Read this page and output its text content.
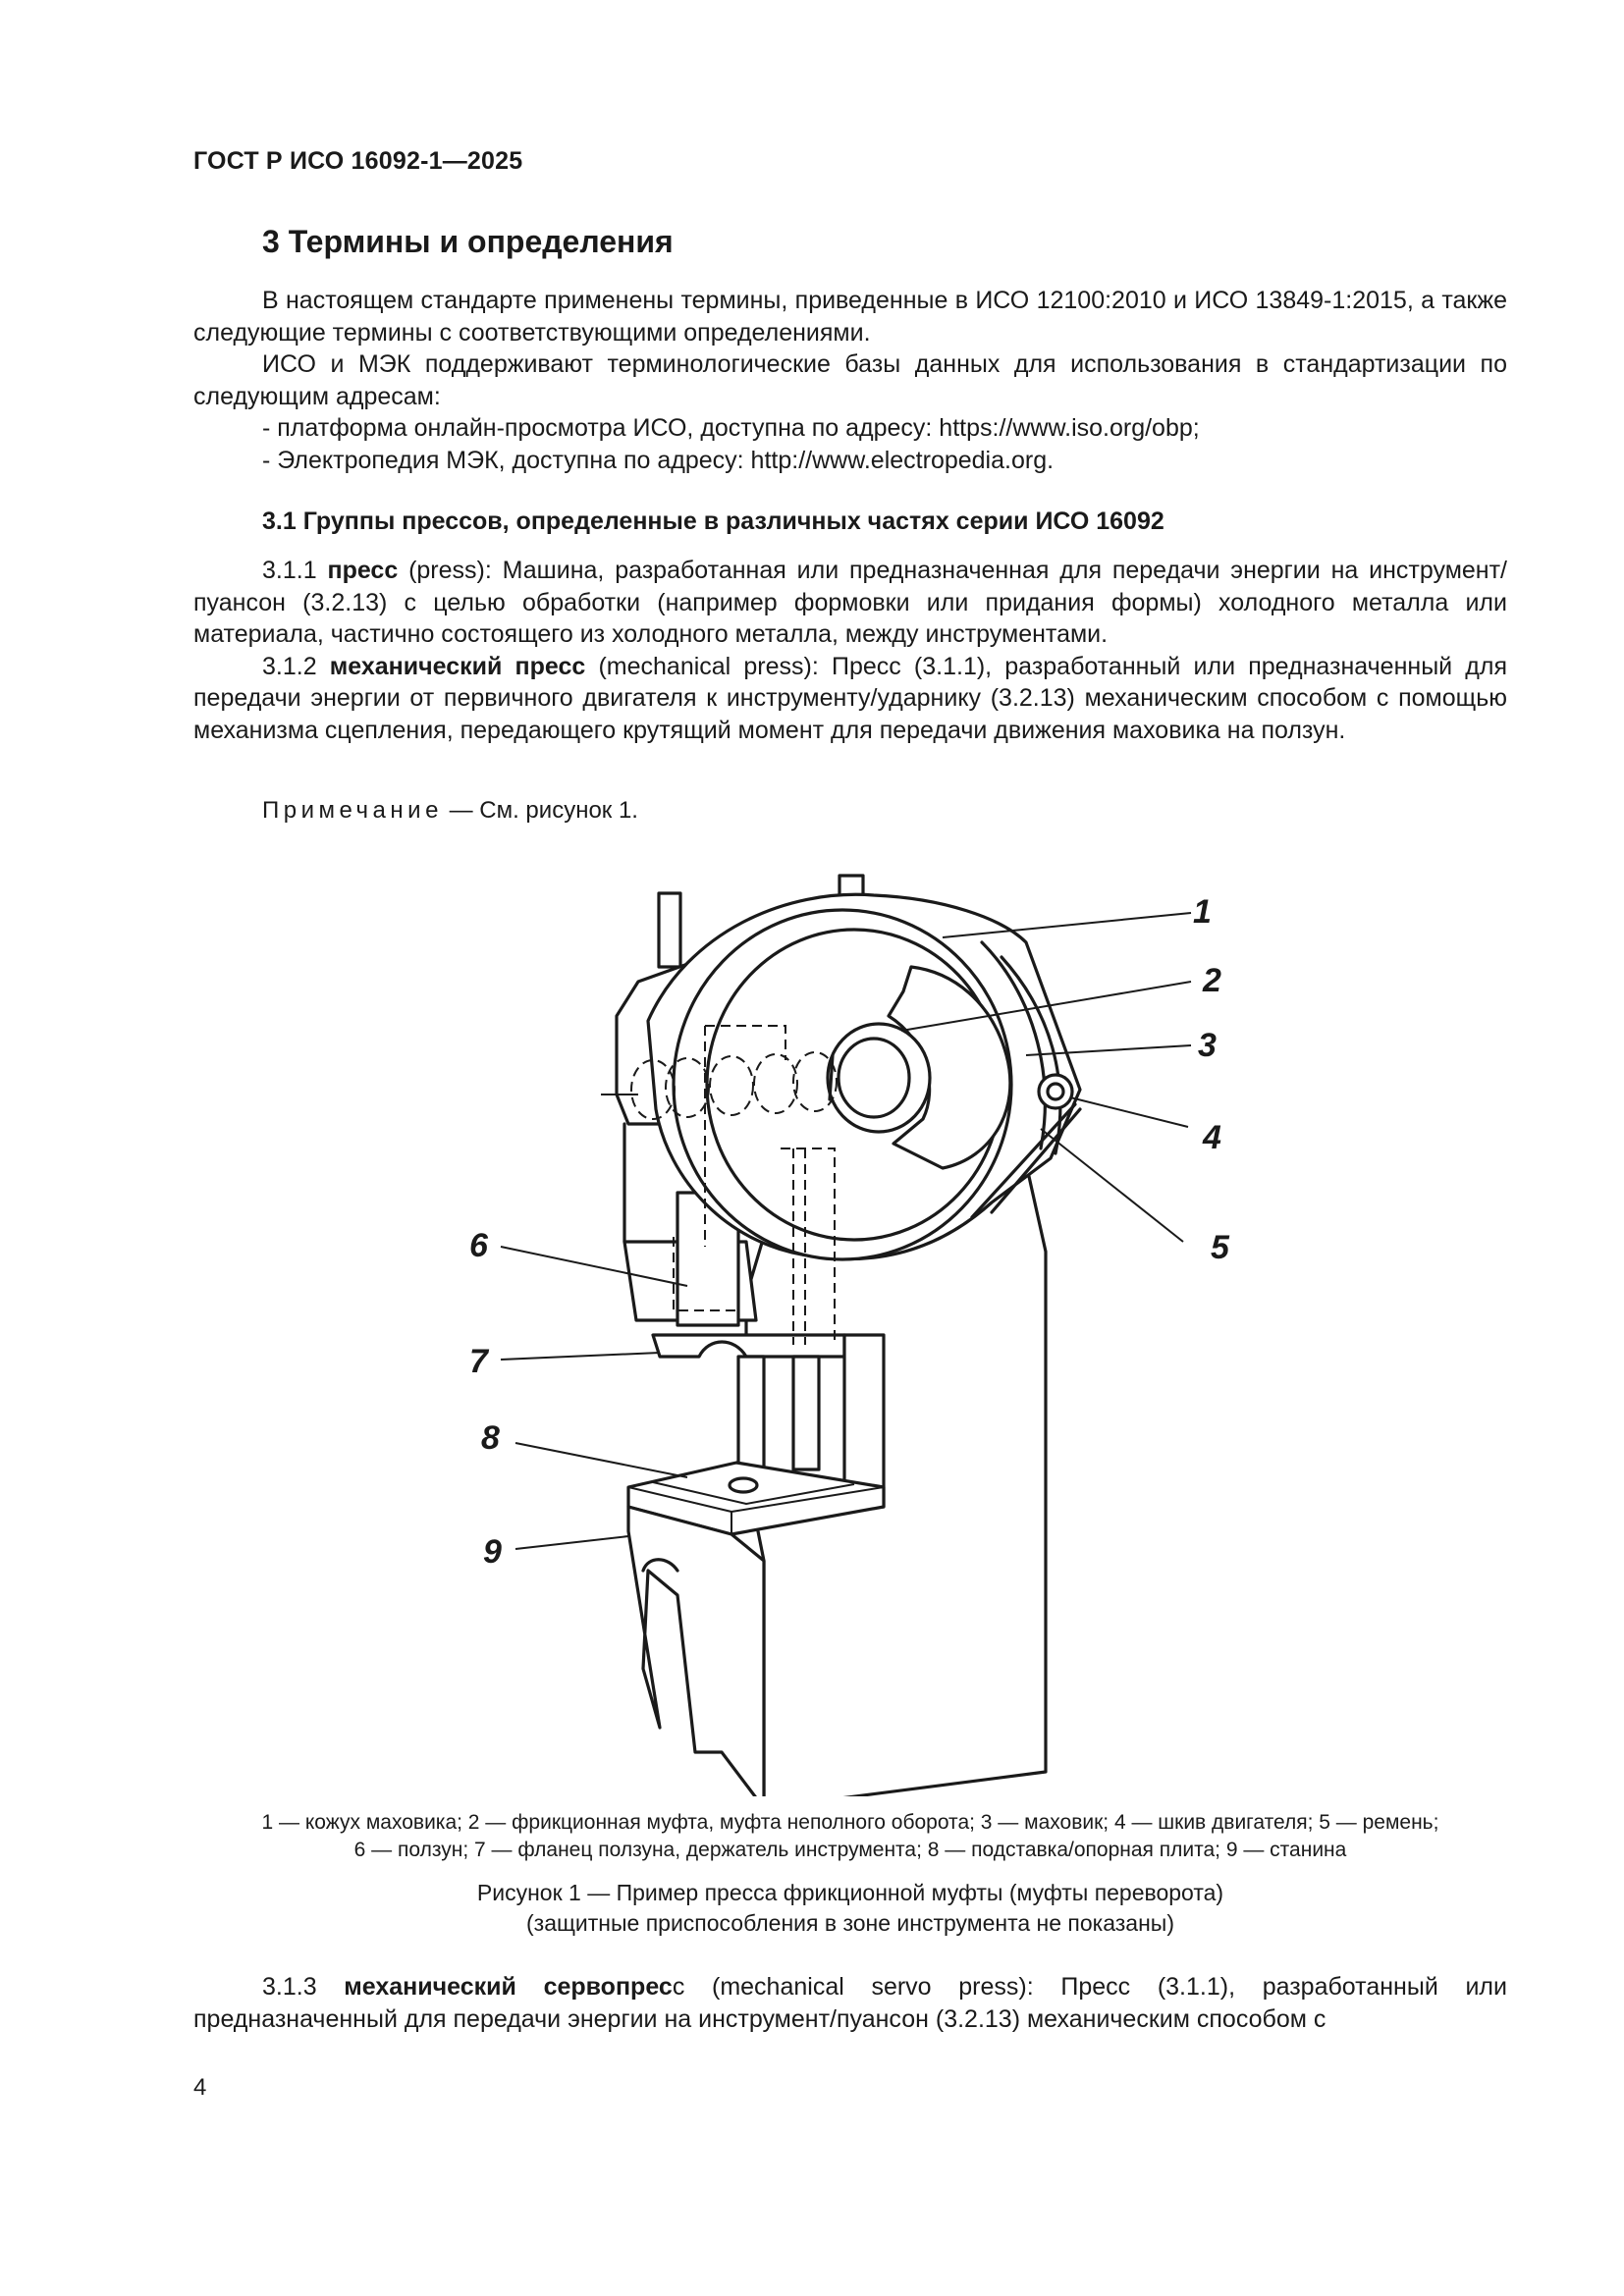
ГОСТ Р ИСО 16092-1—2025
3 Термины и определения

В настоящем стандарте применены термины, приведенные в ИСО 12100:2010 и ИСО 13849-1:2015, а также следующие термины с соответствующими определениями.

ИСО и МЭК поддерживают терминологические базы данных для использования в стандартизации по следующим адресам:

- платформа онлайн-просмотра ИСО, доступна по адресу: https://www.iso.org/obp;

- Электропедия МЭК, доступна по адресу: http://www.electropedia.org.

3.1 Группы прессов, определенные в различных частях серии ИСО 16092

3.1.1 пресс (press): Машина, разработанная или предназначенная для передачи энергии на инструмент/пуансон (3.2.13) с целью обработки (например формовки или придания формы) холодного металла или материала, частично состоящего из холодного металла, между инструментами.

3.1.2 механический пресс (mechanical press): Пресс (3.1.1), разработанный или предназначенный для передачи энергии от первичного двигателя к инструменту/ударнику (3.2.13) механическим способом с помощью механизма сцепления, передающего крутящий момент для передачи движения маховика на ползун.

Примечание — См. рисунок 1.
1
2
3
4
5
6
7
8
9
1 — кожух маховика; 2 — фрикционная муфта, муфта неполного оборота; 3 — маховик; 4 — шкив двигателя; 5 — ремень;
6 — ползун; 7 — фланец ползуна, держатель инструмента; 8 — подставка/опорная плита; 9 — станина
Рисунок 1 — Пример пресса фрикционной муфты (муфты переворота)
(защитные приспособления в зоне инструмента не показаны)

3.1.3 механический сервопресс (mechanical servo press): Пресс (3.1.1), разработанный или предназначенный для передачи энергии на инструмент/пуансон (3.2.13) механическим способом с

4
